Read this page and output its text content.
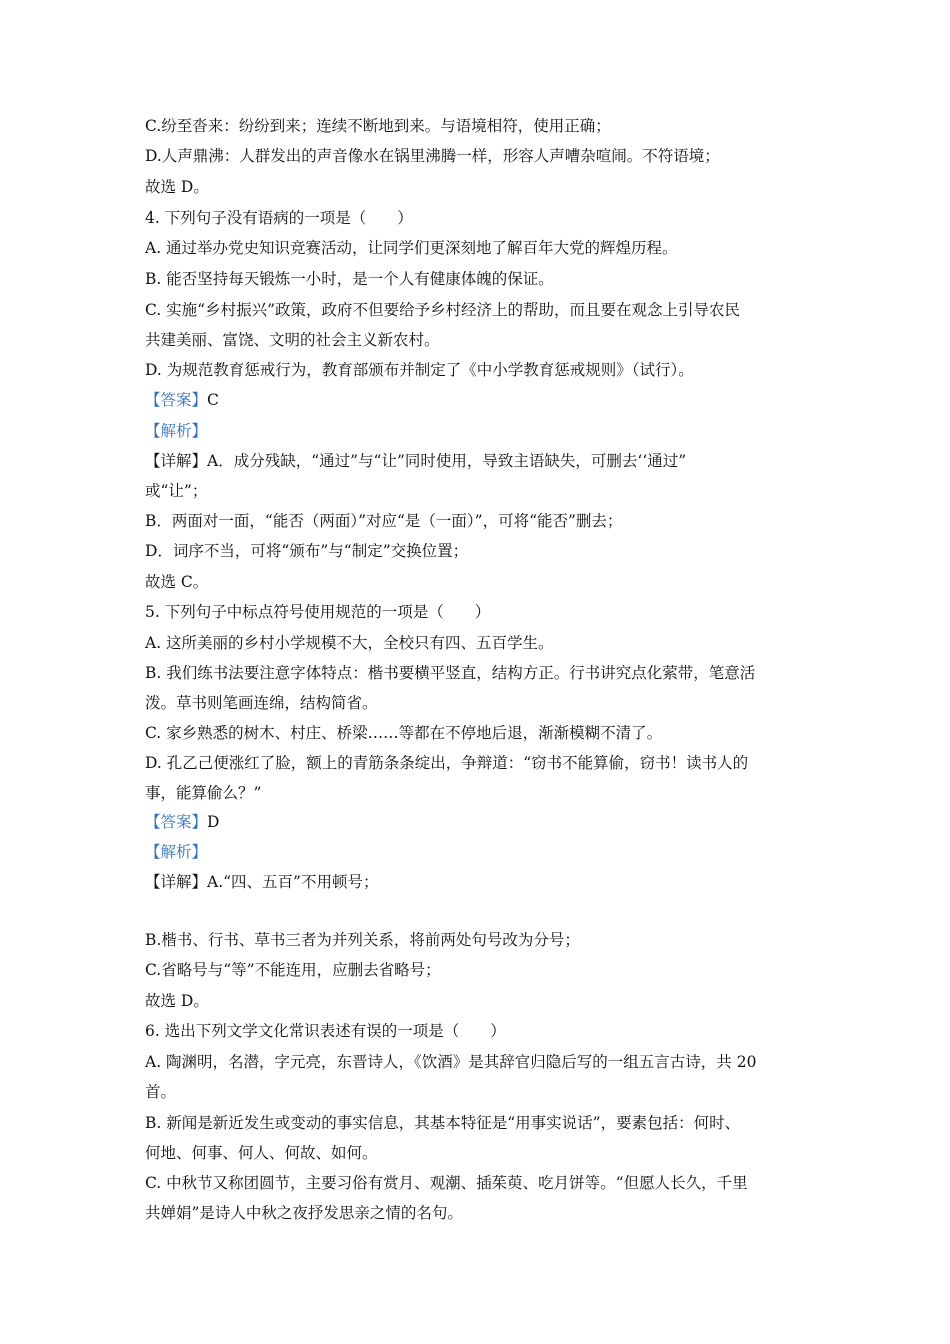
C.纷至沓来：纷纷到来；连续不断地到来。与语境相符，使用正确；
D.人声鼎沸：人群发出的声音像水在锅里沸腾一样，形容人声嘈杂喧闹。不符语境；
故选 D。
4. 下列句子没有语病的一项是（　　）
A. 通过举办党史知识竞赛活动，让同学们更深刻地了解百年大党的辉煌历程。
B. 能否坚持每天锻炼一小时，是一个人有健康体魄的保证。
C. 实施“乡村振兴”政策，政府不但要给予乡村经济上的帮助，而且要在观念上引导农民
共建美丽、富饶、文明的社会主义新农村。
D. 为规范教育惩戒行为，教育部颁布并制定了《中小学教育惩戒规则》（试行）。
【答案】C
【解析】
【详解】A．成分残缺，“通过”与“让”同时使用，导致主语缺失，可删去‘‘通过”
或“让”；
B．两面对一面，“能否（两面）”对应“是（一面）”，可将“能否”删去；
D．词序不当，可将“颁布”与“制定”交换位置；
故选 C。
5. 下列句子中标点符号使用规范的一项是（　　）
A. 这所美丽的乡村小学规模不大，全校只有四、五百学生。
B. 我们练书法要注意字体特点：楷书要横平竖直，结构方正。行书讲究点化萦带，笔意活
泼。草书则笔画连绵，结构简省。
C. 家乡熟悉的树木、村庄、桥梁……等都在不停地后退，渐渐模糊不清了。
D. 孔乙己便涨红了脸，额上的青筋条条绽出，争辩道：“窃书不能算偷，窃书！读书人的
事，能算偷么？”
【答案】D
【解析】
【详解】A.“四、五百”不用顿号；
B.楷书、行书、草书三者为并列关系，将前两处句号改为分号；
C.省略号与“等”不能连用，应删去省略号；
故选 D。
6. 选出下列文学文化常识表述有误的一项是（　　）
A. 陶渊明，名潜，字元亮，东晋诗人，《饮酒》是其辞官归隐后写的一组五言古诗，共 20
首。
B. 新闻是新近发生或变动的事实信息，其基本特征是“用事实说话”，要素包括：何时、
何地、何事、何人、何故、如何。
C. 中秋节又称团圆节，主要习俗有赏月、观潮、插茱萸、吃月饼等。“但愿人长久，千里
共婵娟”是诗人中秋之夜抒发思亲之情的名句。
